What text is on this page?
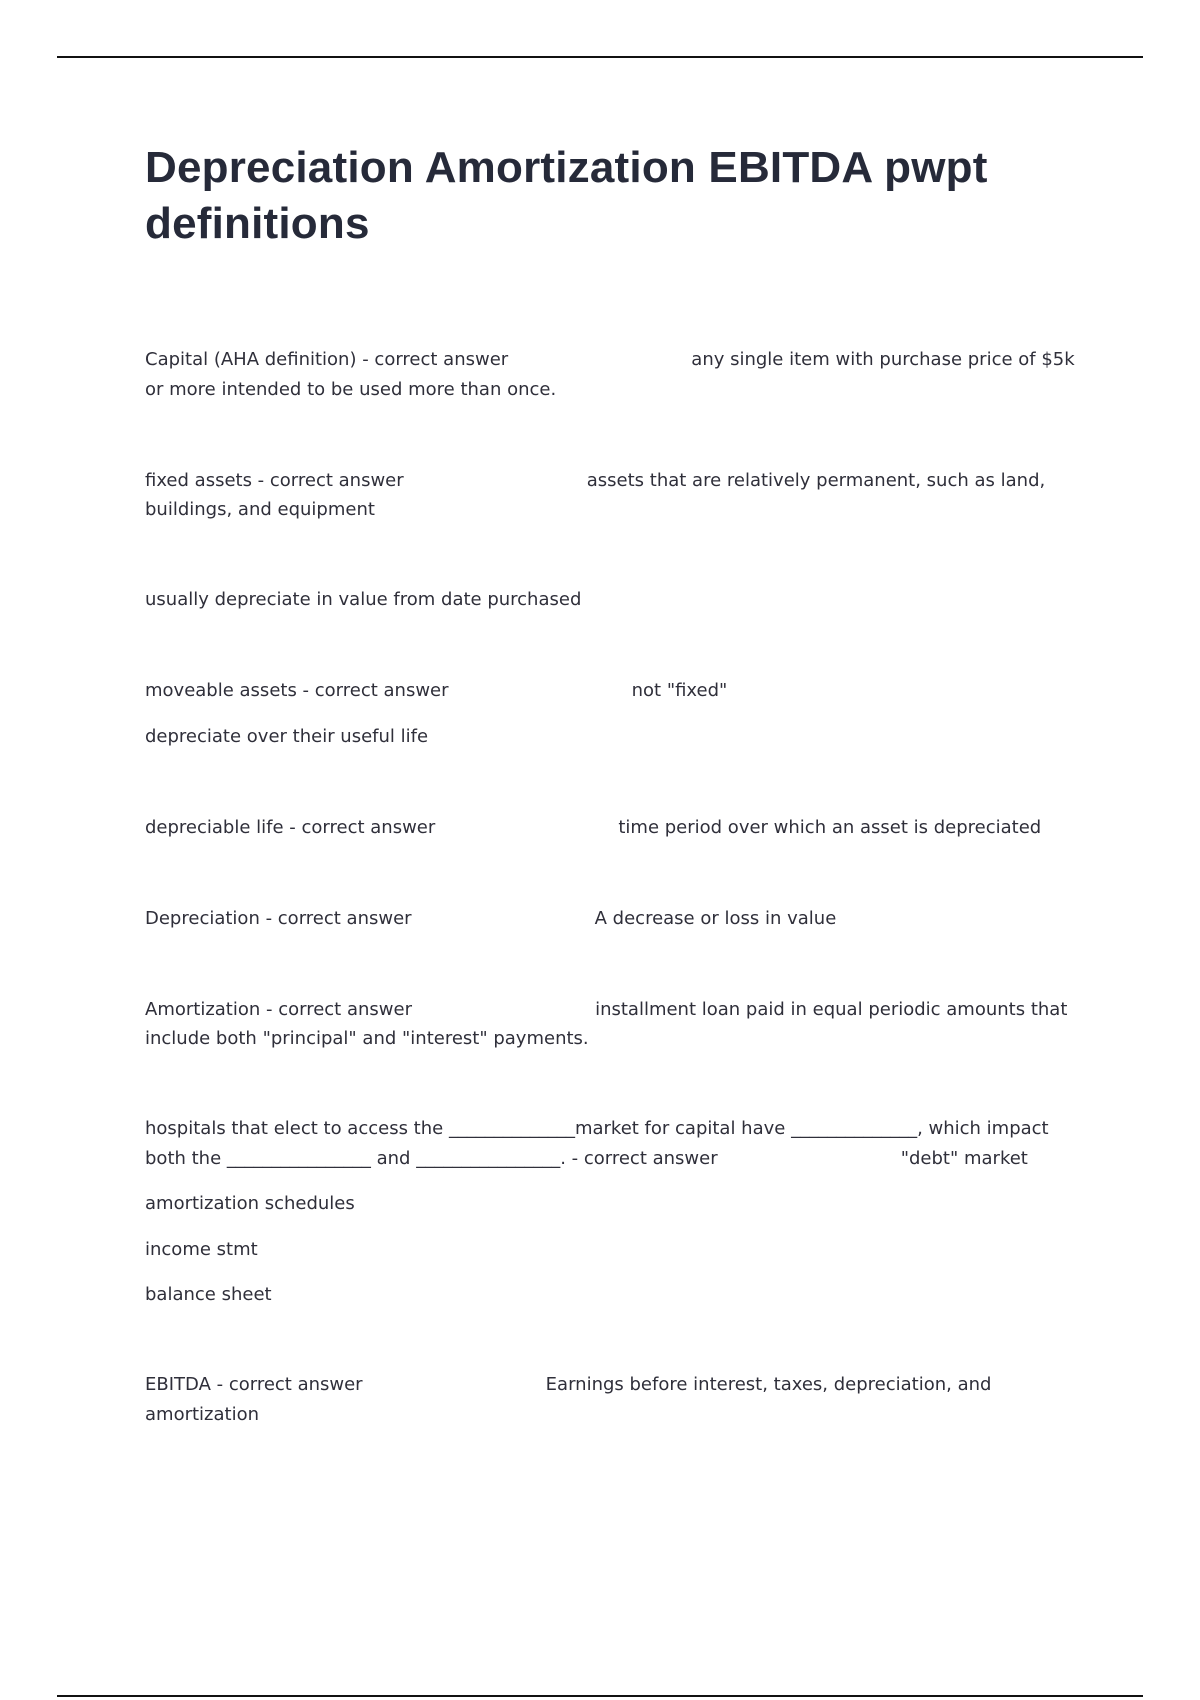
Depreciation Amortization EBITDA pwpt definitions

Capital (AHA definition) - correct answer                                any single item with purchase price of $5k

or more intended to be used more than once.

fixed assets - correct answer                                assets that are relatively permanent, such as land,

buildings, and equipment

usually depreciate in value from date purchased

moveable assets - correct answer                                not "fixed"

depreciate over their useful life

depreciable life - correct answer                                time period over which an asset is depreciated

Depreciation - correct answer                                A decrease or loss in value

Amortization - correct answer                                installment loan paid in equal periodic amounts that

include both "principal" and "interest" payments.

hospitals that elect to access the ______________market for capital have ______________, which impact

both the ________________ and ________________. - correct answer                                "debt" market

amortization schedules

income stmt

balance sheet

EBITDA - correct answer                                Earnings before interest, taxes, depreciation, and

amortization
